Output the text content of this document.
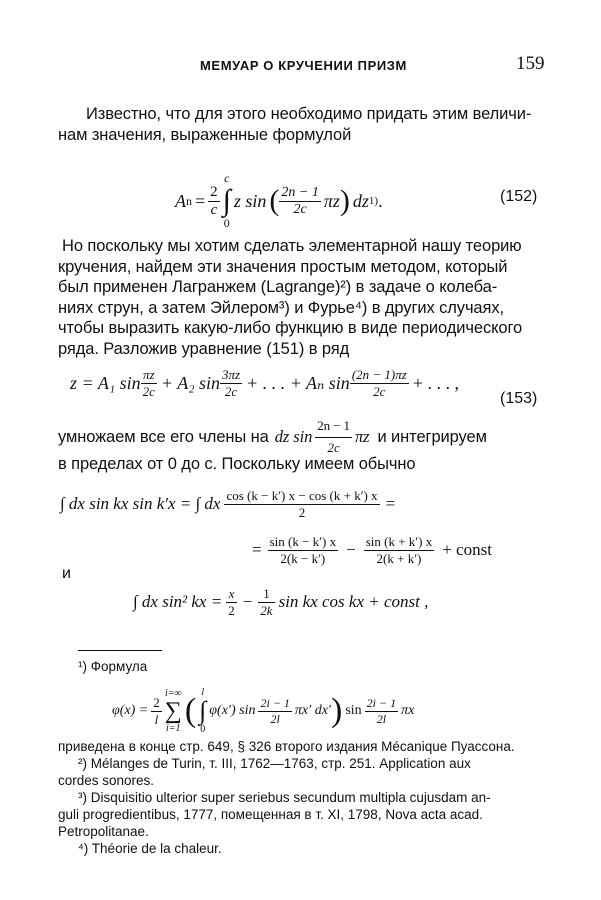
МЕМУАР О КРУЧЕНИИ ПРИЗМ	159
Известно, что для этого необходимо придать этим величи-
нам значения, выраженные формулой
A $n = \frac{2}{c}$
c
∫
0
z sin ( $\frac{2n - 1}{2c}$ πz ) dz 1) .	(152)
Но поскольку мы хотим сделать элементарной нашу теорию
кручения, найдем эти значения простым методом, который
был применен Лагранжем (Lagrange)²) в задаче о колеба-
ниях струн, а затем Эйлером³) и Фурье⁴) в других случаях,
чтобы выразить какую-либо функцию в виде периодического
ряда. Разложив уравнение (151) в ряд
z = A₁ $\sin \frac{\pi z}{2c} + A_2$ $\sin \frac{3\pi z}{2c}$ + . . . + Aₙ $\sin \frac{(2n - 1)\pi z}{2c}$ + . . . ,
(153)
умножаем все его члены на dz $\sin \frac{2n - 1}{2c}$ πz и интегрируем
в пределах от 0 до c. Поскольку имеем обычно
∫ dx sin kx sin k′x = ∫ dx $\frac{\cos (k - k') x - \cos (k + k') x}{2}$ =
= $\frac{\sin (k - k') x}{2(k - k')} - \frac{\sin (k + k') x}{2(k + k')}$ + const
и
∫ dx sin² kx = $\frac{x}{2} - \frac{1}{2k}$ sin kx cos kx + const ,
¹) Формула
$\varphi(x) = \frac{2}{l}$
i=∞
∑
i=1 ( l
∫
0
φ(x′) $\sin \frac{2i - 1}{2l} \pi x'$ dx′ ) $\sin \frac{2i - 1}{2l}$ πx
приведена в конце стр. 649, § 326 второго издания Mécanique Пуассона.
²) Mélanges de Turin, т. III, 1762—1763, стр. 251. Application aux
cordes sonores.
³) Disquisitio ulterior super seriebus secundum multipla cujusdam an-
guli progredientibus, 1777, помещенная в т. XI, 1798, Nova acta acad.
Petropolitanae.
⁴) Théorie de la chaleur.
